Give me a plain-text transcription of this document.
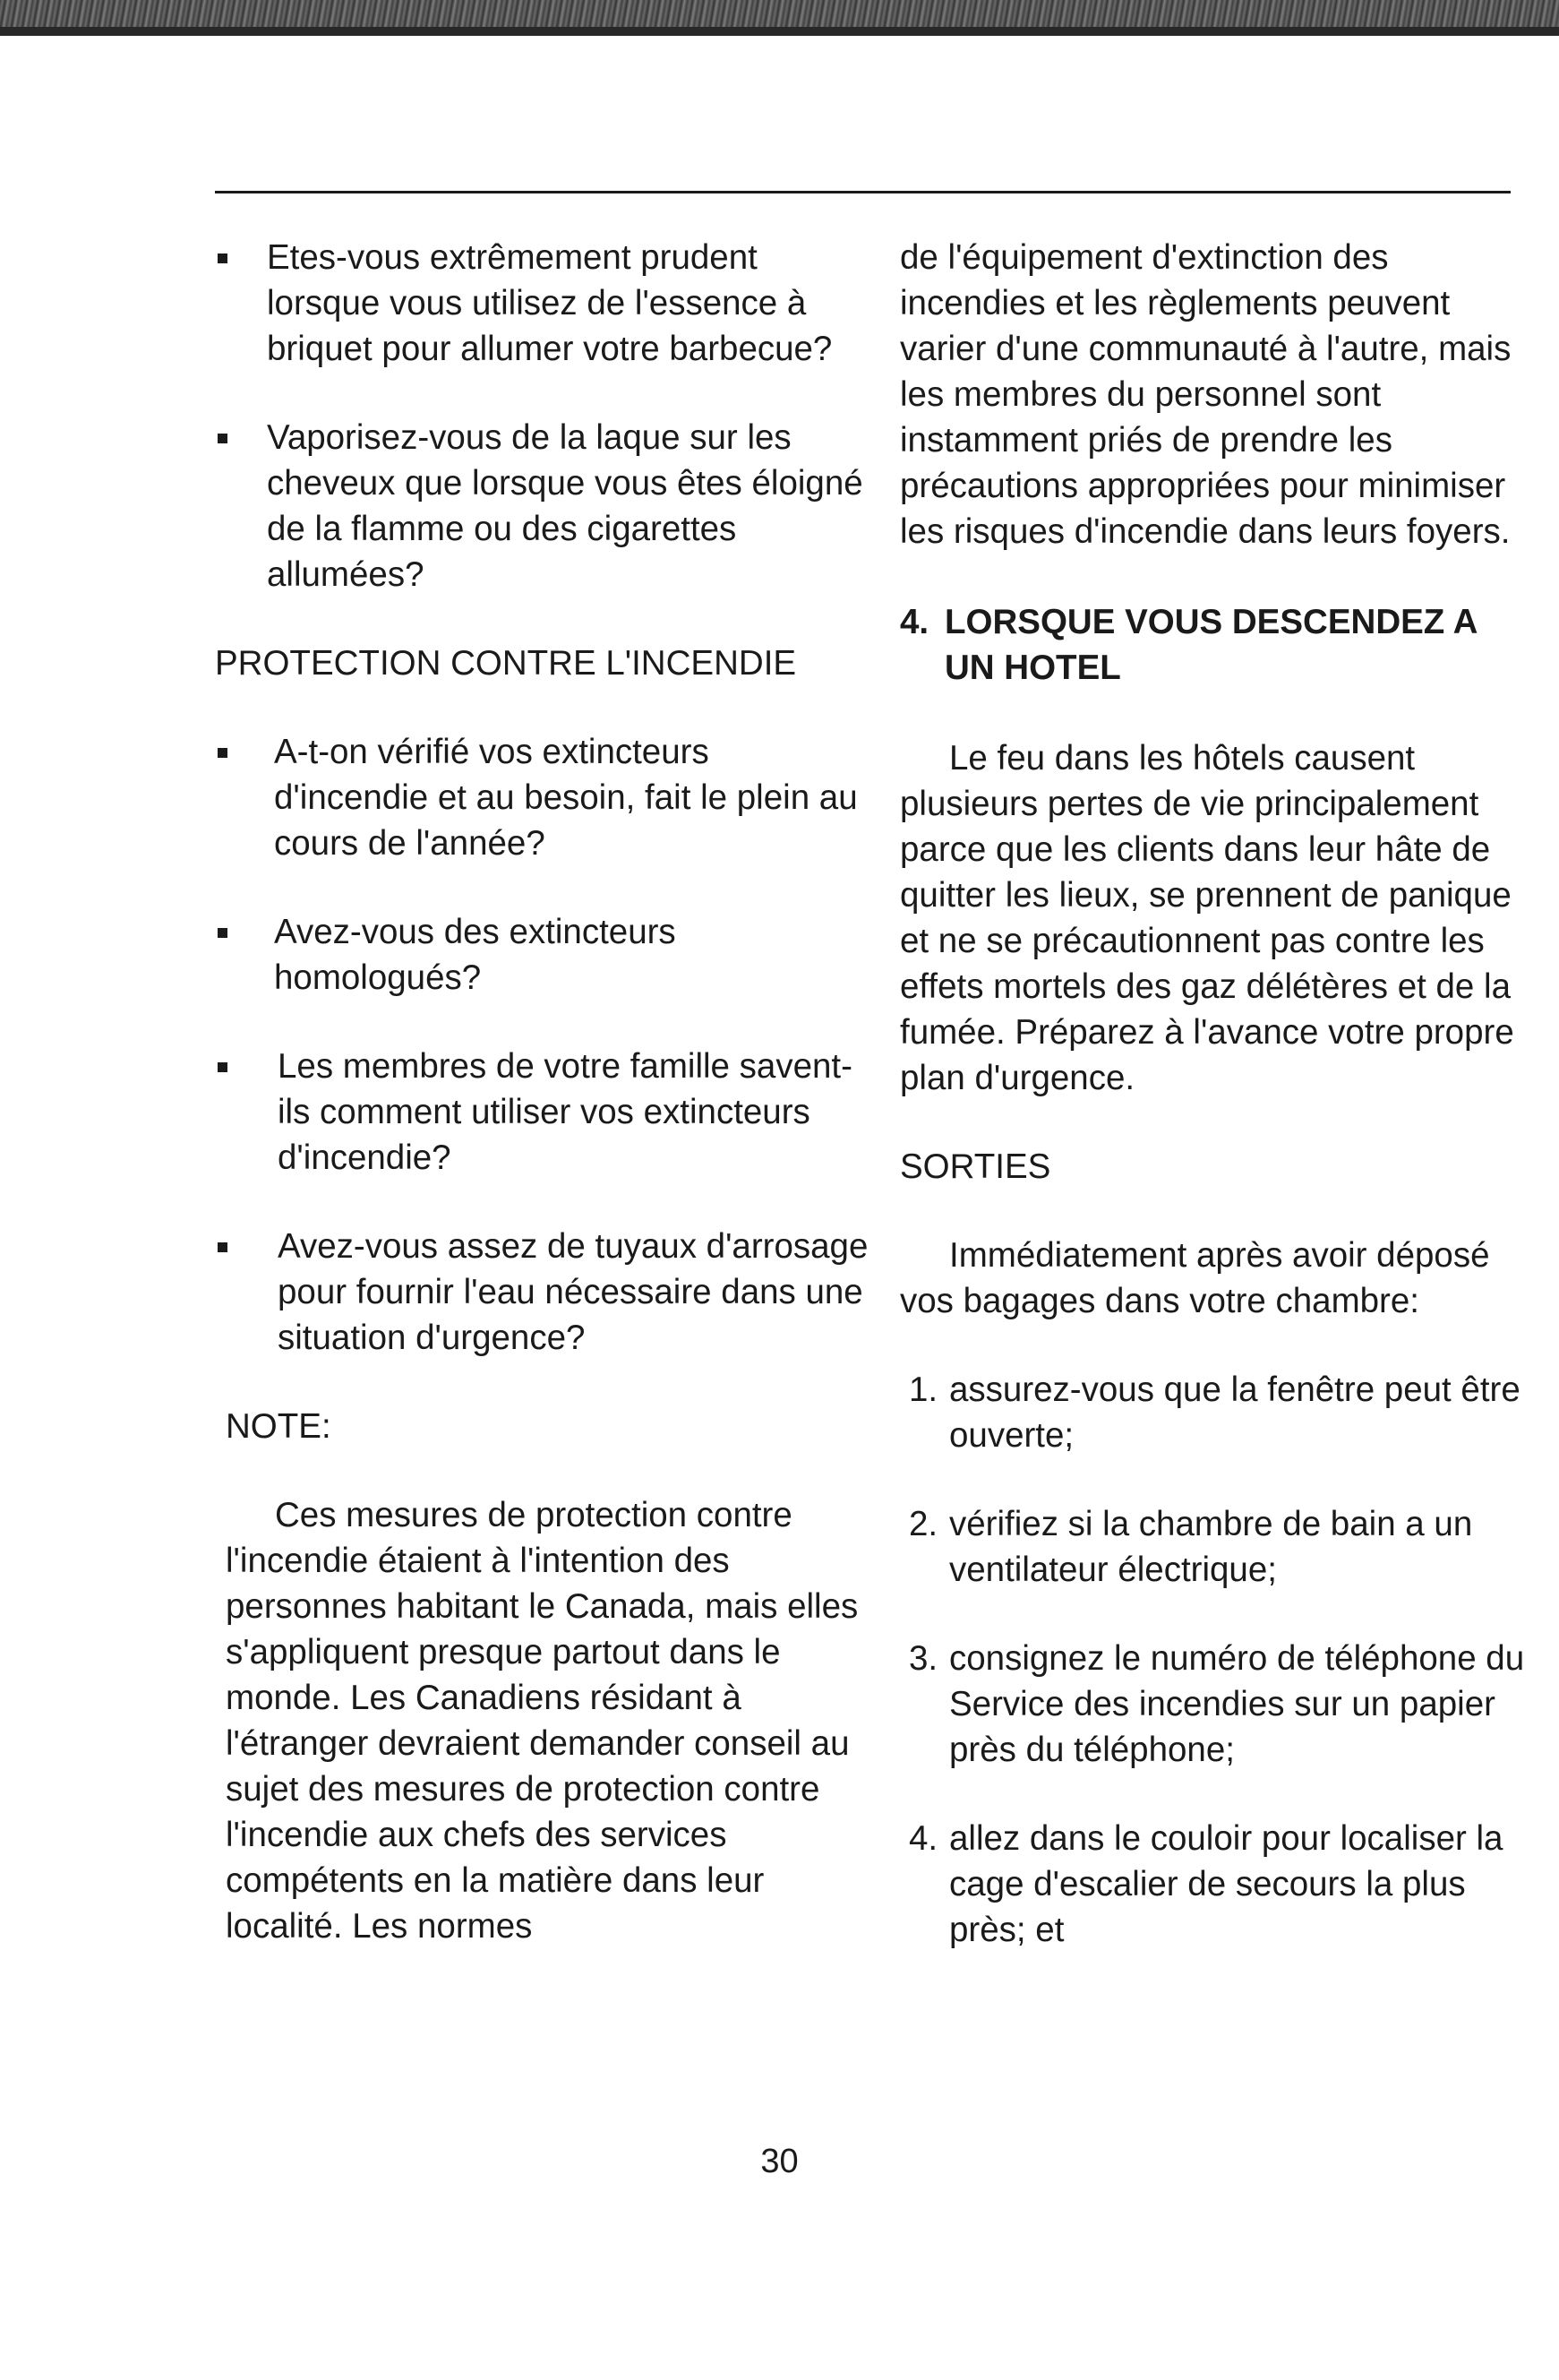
Etes-vous extrêmement prudent lorsque vous utilisez de l'essence à briquet pour allumer votre barbecue?
Vaporisez-vous de la laque sur les cheveux que lorsque vous êtes éloigné de la flamme ou des cigarettes allumées?
PROTECTION CONTRE L'INCENDIE
A-t-on vérifié vos extincteurs d'incendie et au besoin, fait le plein au cours de l'année?
Avez-vous des extincteurs homologués?
Les membres de votre famille savent-ils comment utiliser vos extincteurs d'incendie?
Avez-vous assez de tuyaux d'arrosage pour fournir l'eau nécessaire dans une situation d'urgence?
NOTE:
Ces mesures de protection contre l'incendie étaient à l'intention des personnes habitant le Canada, mais elles s'appliquent presque partout dans le monde. Les Canadiens résidant à l'étranger devraient demander conseil au sujet des mesures de protection contre l'incendie aux chefs des services compétents en la matière dans leur localité. Les normes
de l'équipement d'extinction des incendies et les règlements peuvent varier d'une communauté à l'autre, mais les membres du personnel sont instamment priés de prendre les précautions appropriées pour minimiser les risques d'incendie dans leurs foyers.
4. LORSQUE VOUS DESCENDEZ A UN HOTEL
Le feu dans les hôtels causent plusieurs pertes de vie principalement parce que les clients dans leur hâte de quitter les lieux, se prennent de panique et ne se précautionnent pas contre les effets mortels des gaz délétères et de la fumée. Préparez à l'avance votre propre plan d'urgence.
SORTIES
Immédiatement après avoir déposé vos bagages dans votre chambre:
1. assurez-vous que la fenêtre peut être ouverte;
2. vérifiez si la chambre de bain a un ventilateur électrique;
3. consignez le numéro de téléphone du Service des incendies sur un papier près du téléphone;
4. allez dans le couloir pour localiser la cage d'escalier de secours la plus près; et
30
